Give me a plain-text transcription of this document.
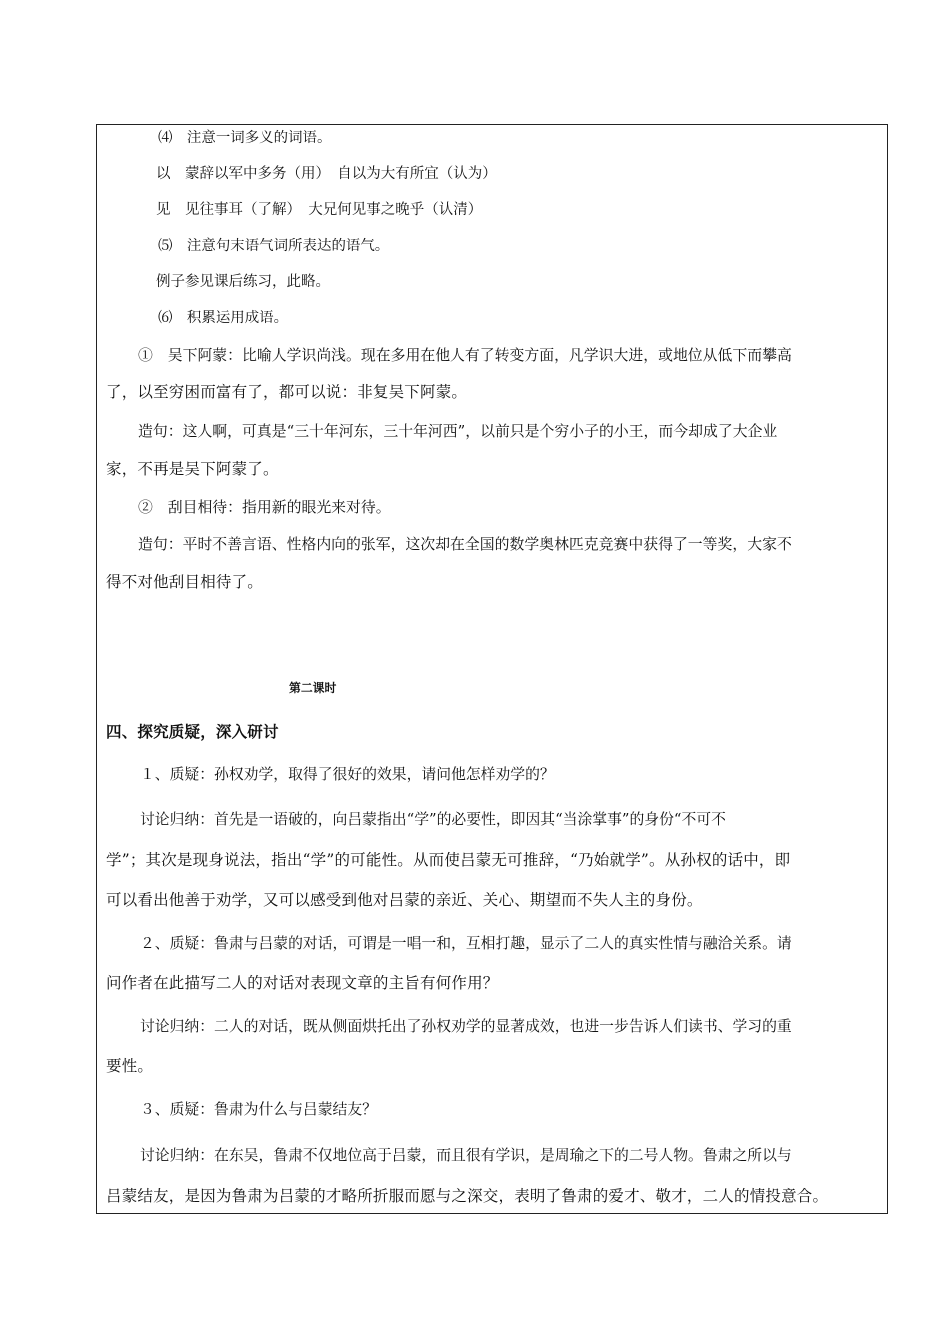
⑷　注意一词多义的词语。
以　蒙辞以军中多务（用）　自以为大有所宜（认为）
见　见往事耳（了解）　大兄何见事之晚乎（认清）
⑸　注意句末语气词所表达的语气。
例子参见课后练习，此略。
⑹　积累运用成语。
①　吴下阿蒙：比喻人学识尚浅。现在多用在他人有了转变方面，凡学识大进，或地位从低下而攀高
了，以至穷困而富有了，都可以说：非复吴下阿蒙。
造句：这人啊，可真是“三十年河东，三十年河西”，以前只是个穷小子的小王，而今却成了大企业
家，不再是吴下阿蒙了。
②　刮目相待：指用新的眼光来对待。
造句：平时不善言语、性格内向的张军，这次却在全国的数学奥林匹克竞赛中获得了一等奖，大家不
得不对他刮目相待了。
第二课时
四、探究质疑，深入研讨
１、质疑：孙权劝学，取得了很好的效果，请问他怎样劝学的？
讨论归纳：首先是一语破的，向吕蒙指出“学”的必要性，即因其“当涂掌事”的身份“不可不
学”；其次是现身说法，指出“学”的可能性。从而使吕蒙无可推辞，“乃始就学”。从孙权的话中，即
可以看出他善于劝学，又可以感受到他对吕蒙的亲近、关心、期望而不失人主的身份。
２、质疑：鲁肃与吕蒙的对话，可谓是一唱一和，互相打趣，显示了二人的真实性情与融洽关系。请
问作者在此描写二人的对话对表现文章的主旨有何作用？
讨论归纳：二人的对话，既从侧面烘托出了孙权劝学的显著成效，也进一步告诉人们读书、学习的重
要性。
３、质疑：鲁肃为什么与吕蒙结友？
讨论归纳：在东吴，鲁肃不仅地位高于吕蒙，而且很有学识，是周瑜之下的二号人物。鲁肃之所以与
吕蒙结友，是因为鲁肃为吕蒙的才略所折服而愿与之深交，表明了鲁肃的爱才、敬才，二人的情投意合。
